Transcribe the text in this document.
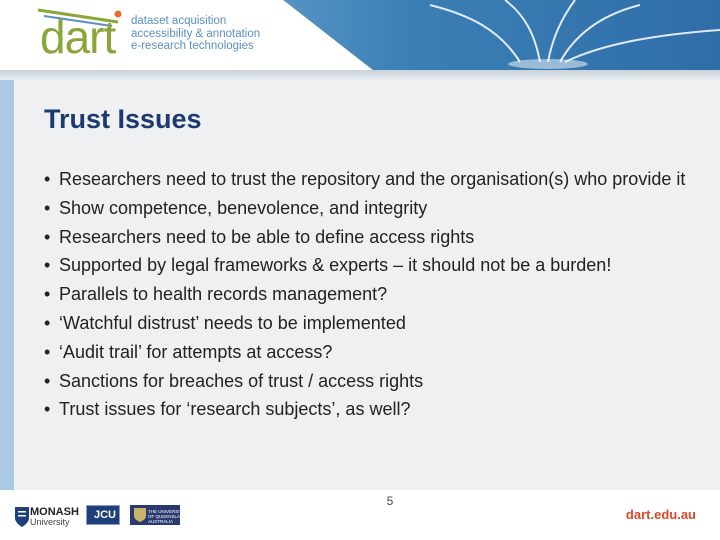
dart dataset acquisition
accessibility & annotation
e-research technologies
Trust Issues
• Researchers need to trust the repository and the organisation(s) who provide it
• Show competence, benevolence, and integrity
• Researchers need to be able to define access rights
• Supported by legal frameworks & experts – it should not be a burden!
• Parallels to health records management?
• ‘Watchful distrust’ needs to be implemented
• ‘Audit trail’ for attempts at access?
• Sanctions for breaches of trust / access rights
• Trust issues for ‘research subjects’, as well?
5
MONASH
University
JCU	THE UNIVERSITY
OF QUEENSLAND
AUSTRALIA	dart.edu.au
